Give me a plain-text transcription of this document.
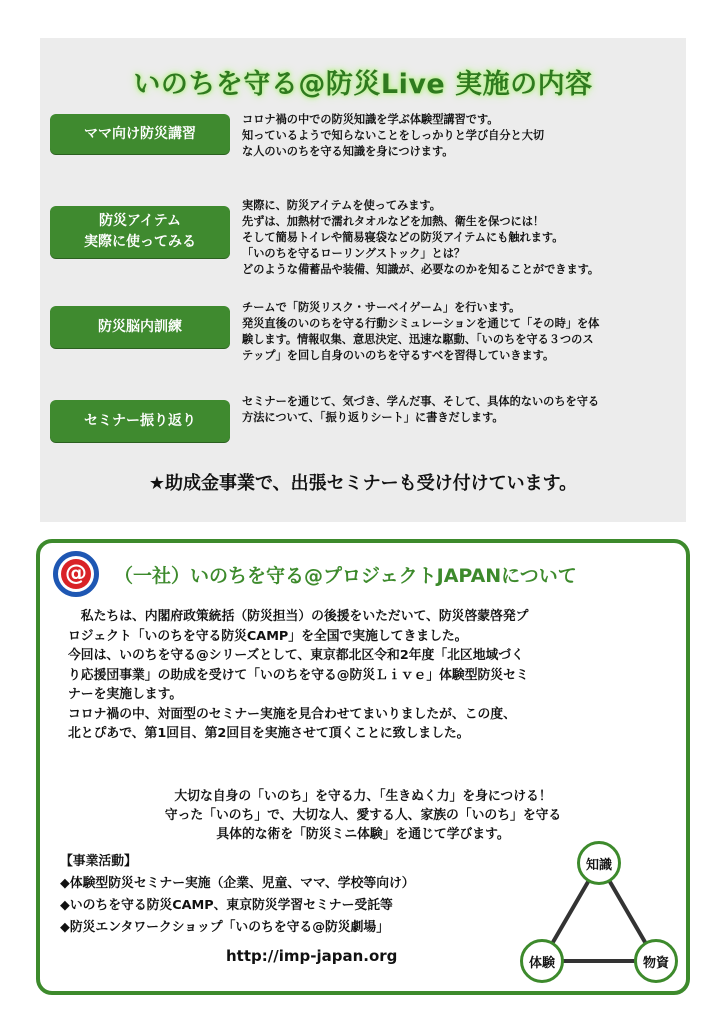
いのちを守る@防災Live 実施の内容
ママ向け防災講習
コロナ禍の中での防災知識を学ぶ体験型講習です。
知っているようで知らないことをしっかりと学び自分と大切
な人のいのちを守る知識を身につけます。
防災アイテム
実際に使ってみる
実際に、防災アイテムを使ってみます。
先ずは、加熱材で濡れタオルなどを加熱、衛生を保つには！
そして簡易トイレや簡易寝袋などの防災アイテムにも触れます。
「いのちを守るローリングストック」とは？
どのような備蓄品や装備、知識が、必要なのかを知ることができます。
防災脳内訓練
チームで「防災リスク・サーベイゲーム」を行います。
発災直後のいのちを守る行動シミュレーションを通じて「その時」を体
験します。情報収集、意思決定、迅速な駆動、「いのちを守る３つのス
テップ」を回し自身のいのちを守るすべを習得していきます。
セミナー振り返り
セミナーを通じて、気づき、学んだ事、そして、具体的ないのちを守る
方法について、「振り返りシート」に書きだします。
★助成金事業で、出張セミナーも受け付けています。
@ （一社）いのちを守る@プロジェクトJAPANについて
　私たちは、内閣府政策統括（防災担当）の後援をいただいて、防災啓蒙啓発プ
ロジェクト「いのちを守る防災CAMP」を全国で実施してきました。
今回は、いのちを守る@シリーズとして、東京都北区令和2年度「北区地域づく
り応援団事業」の助成を受けて「いのちを守る@防災Ｌｉｖｅ」体験型防災セミ
ナーを実施します。
コロナ禍の中、対面型のセミナー実施を見合わせてまいりましたが、この度、
北とぴあで、第1回目、第2回目を実施させて頂くことに致しました。
大切な自身の「いのち」を守る力、「生きぬく力」を身につける！
守った「いのち」で、大切な人、愛する人、家族の「いのち」を守る
具体的な術を「防災ミニ体験」を通じて学びます。
【事業活動】
◆体験型防災セミナー実施（企業、児童、ママ、学校等向け）
◆いのちを守る防災CAMP、東京防災学習セミナー受託等
◆防災エンタワークショップ「いのちを守る@防災劇場」
http://imp-japan.org
知識
体験	物資
